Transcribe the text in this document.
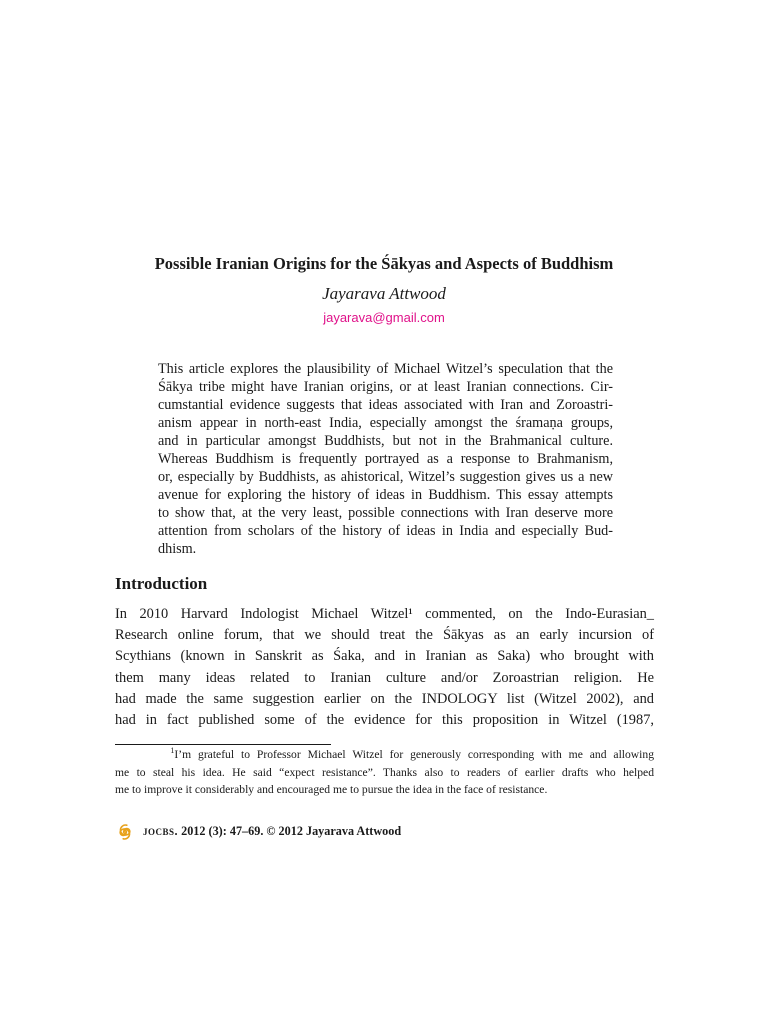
Possible Iranian Origins for the Śākyas and Aspects of Buddhism
Jayarava Attwood
jayarava@gmail.com
This article explores the plausibility of Michael Witzel’s speculation that the
Śākya tribe might have Iranian origins, or at least Iranian connections. Cir-
cumstantial evidence suggests that ideas associated with Iran and Zoroastri-
anism appear in north-east India, especially amongst the śramaṇa groups,
and in particular amongst Buddhists, but not in the Brahmanical culture.
Whereas Buddhism is frequently portrayed as a response to Brahmanism,
or, especially by Buddhists, as ahistorical, Witzel’s suggestion gives us a new
avenue for exploring the history of ideas in Buddhism. This essay attempts
to show that, at the very least, possible connections with Iran deserve more
attention from scholars of the history of ideas in India and especially Bud-
dhism.
Introduction
In 2010 Harvard Indologist Michael Witzel¹ commented, on the Indo-Eurasian_
Research online forum, that we should treat the Śākyas as an early incursion of
Scythians (known in Sanskrit as Śaka, and in Iranian as Saka) who brought with
them many ideas related to Iranian culture and/or Zoroastrian religion. He
had made the same suggestion earlier on the INDOLOGY list (Witzel 2002), and
had in fact published some of the evidence for this proposition in Witzel (1987,
$^1$I’m grateful to Professor Michael Witzel for generously corresponding with me and allowing
me to steal his idea. He said “expect resistance”. Thanks also to readers of earlier drafts who helped
me to improve it considerably and encouraged me to pursue the idea in the face of resistance.
jocbs. 2012 (3): 47–69. © 2012 Jayarava Attwood
